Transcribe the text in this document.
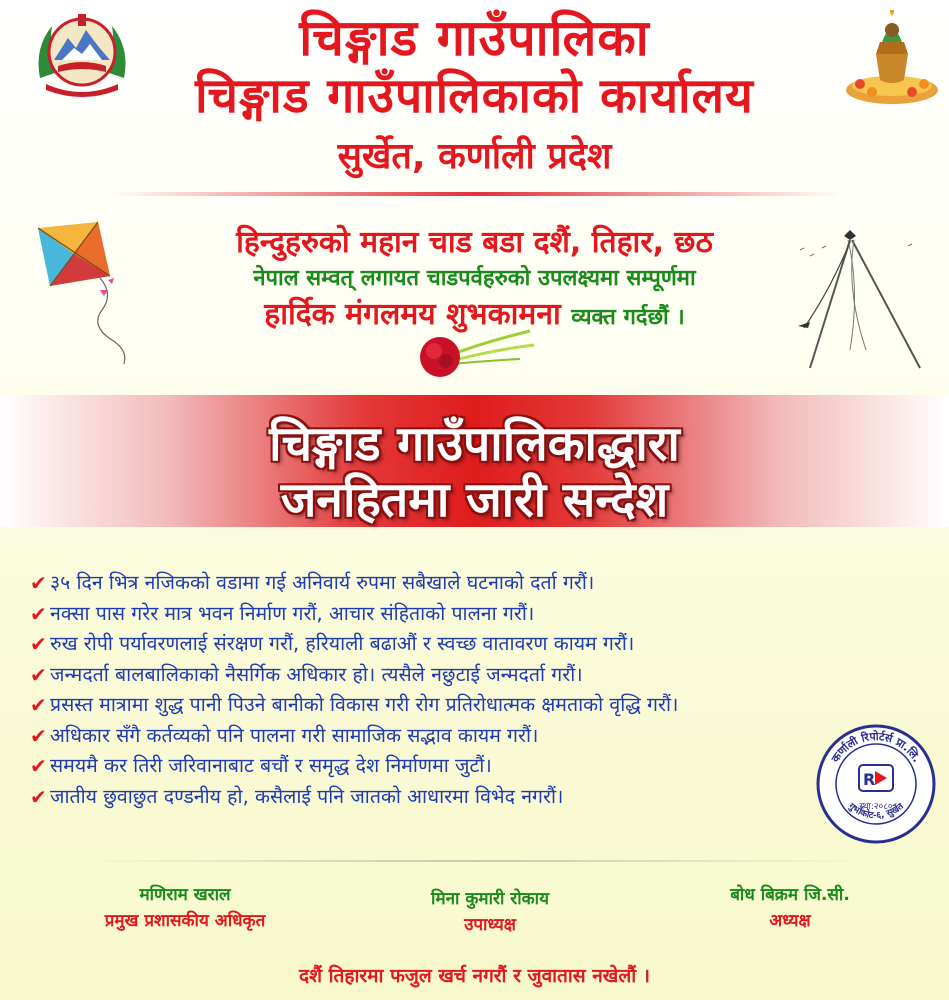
चिङ्गाड गाउँपालिका
चिङ्गाड गाउँपालिकाको कार्यालय
सुर्खेत, कर्णाली प्रदेश
हिन्दुहरुको महान चाड बडा दशैं, तिहार, छठ
नेपाल सम्वत् लगायत चाडपर्वहरुको उपलक्ष्यमा सम्पूर्णमा
हार्दिक मंगलमय शुभकामना व्यक्त गर्दछौं ।
चिङ्गाड गाउँपालिकाद्धारा
जनहितमा जारी सन्देश
✔ ३५ दिन भित्र नजिकको वडामा गई अनिवार्य रुपमा सबैखाले घटनाको दर्ता गरौं।
✔ नक्सा पास गरेर मात्र भवन निर्माण गरौं, आचार संहिताको पालना गरौं।
✔ रुख रोपी पर्यावरणलाई संरक्षण गरौं, हरियाली बढाऔं र स्वच्छ वातावरण कायम गरौं।
✔ जन्मदर्ता बालबालिकाको नैसर्गिक अधिकार हो। त्यसैले नछुटाई जन्मदर्ता गरौं।
✔ प्रसस्त मात्रामा शुद्ध पानी पिउने बानीको विकास गरी रोग प्रतिरोधात्मक क्षमताको वृद्धि गरौं।
✔ अधिकार सँगै कर्तव्यको पनि पालना गरी सामाजिक सद्भाव कायम गरौं।
✔ समयमै कर तिरी जरिवानाबाट बचौं र समृद्ध देश निर्माणमा जुटौं।
✔ जातीय छुवाछुत दण्डनीय हो, कसैलाई पनि जातको आधारमा विभेद नगरौं।
कर्णाली रिपोर्टर्स प्रा.लि.
गुर्भाकोट-६, सुर्खेत
R
स्था:२०८०
मणिराम खराल
प्रमुख प्रशासकीय अधिकृत
मिना कुमारी रोकाय
उपाध्यक्ष
बोध बिक्रम जि.सी.
अध्यक्ष
दशैं तिहारमा फजुल खर्च नगरौं र जुवातास नखेलौं ।
